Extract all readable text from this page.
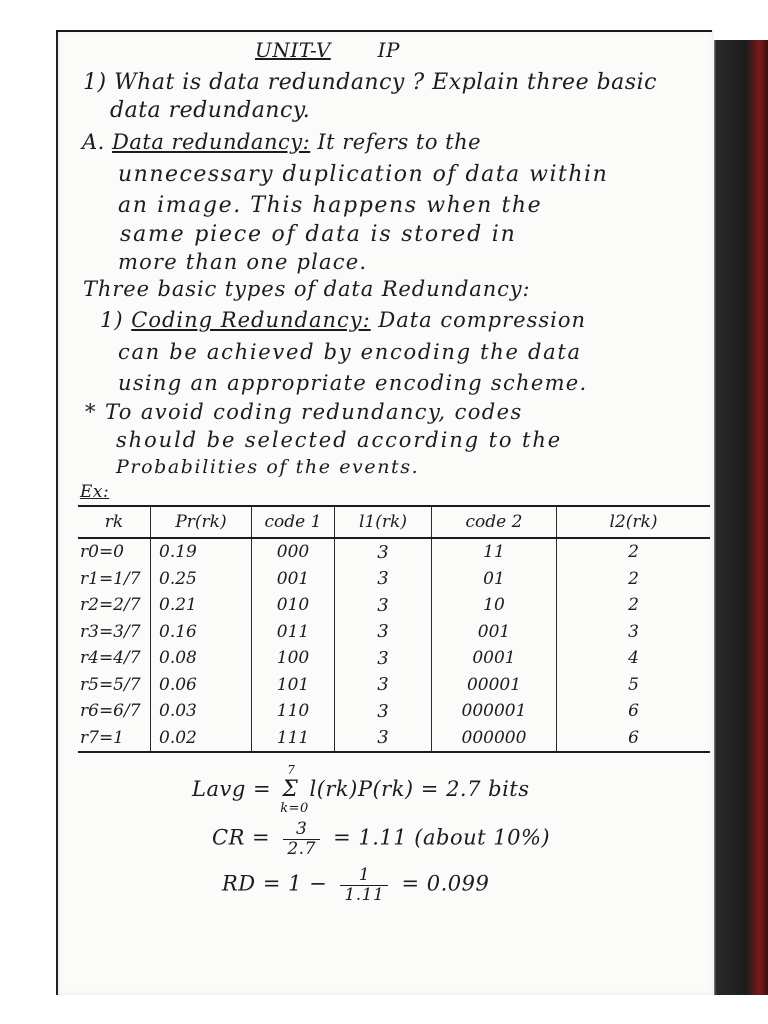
UNIT-V IP
1) What is data redundancy ? Explain three basic
data redundancy.
A. Data redundancy: It refers to the
unnecessary duplication of data within
an image. This happens when the
same piece of data is stored in
more than one place.
Three basic types of data Redundancy:
1) Coding Redundancy: Data compression
can be achieved by encoding the data
using an appropriate encoding scheme.
* To avoid coding redundancy, codes
should be selected according to the
Probabilities of the events.
Ex:
rk	Pr(rk)	code 1	l1(rk)	code 2	l2(rk)
r0=0	0.19	000	3	11	2
r1=1/7	0.25	001	3	01	2
r2=2/7	0.21	010	3	10	2
r3=3/7	0.16	011	3	001	3
r4=4/7	0.08	100	3	0001	4
r5=5/7	0.06	101	3	00001	5
r6=6/7	0.03	110	3	000001	6
r7=1	0.02	111	3	000000	6
Lavg = Σ
7
k=0
l(rk)P(rk) = 2.7 bits
CR = $\frac{3}{2.7} = 1.11$ (about 10%)
RD = $1 - \frac{1}{1.11} = 0.099$
